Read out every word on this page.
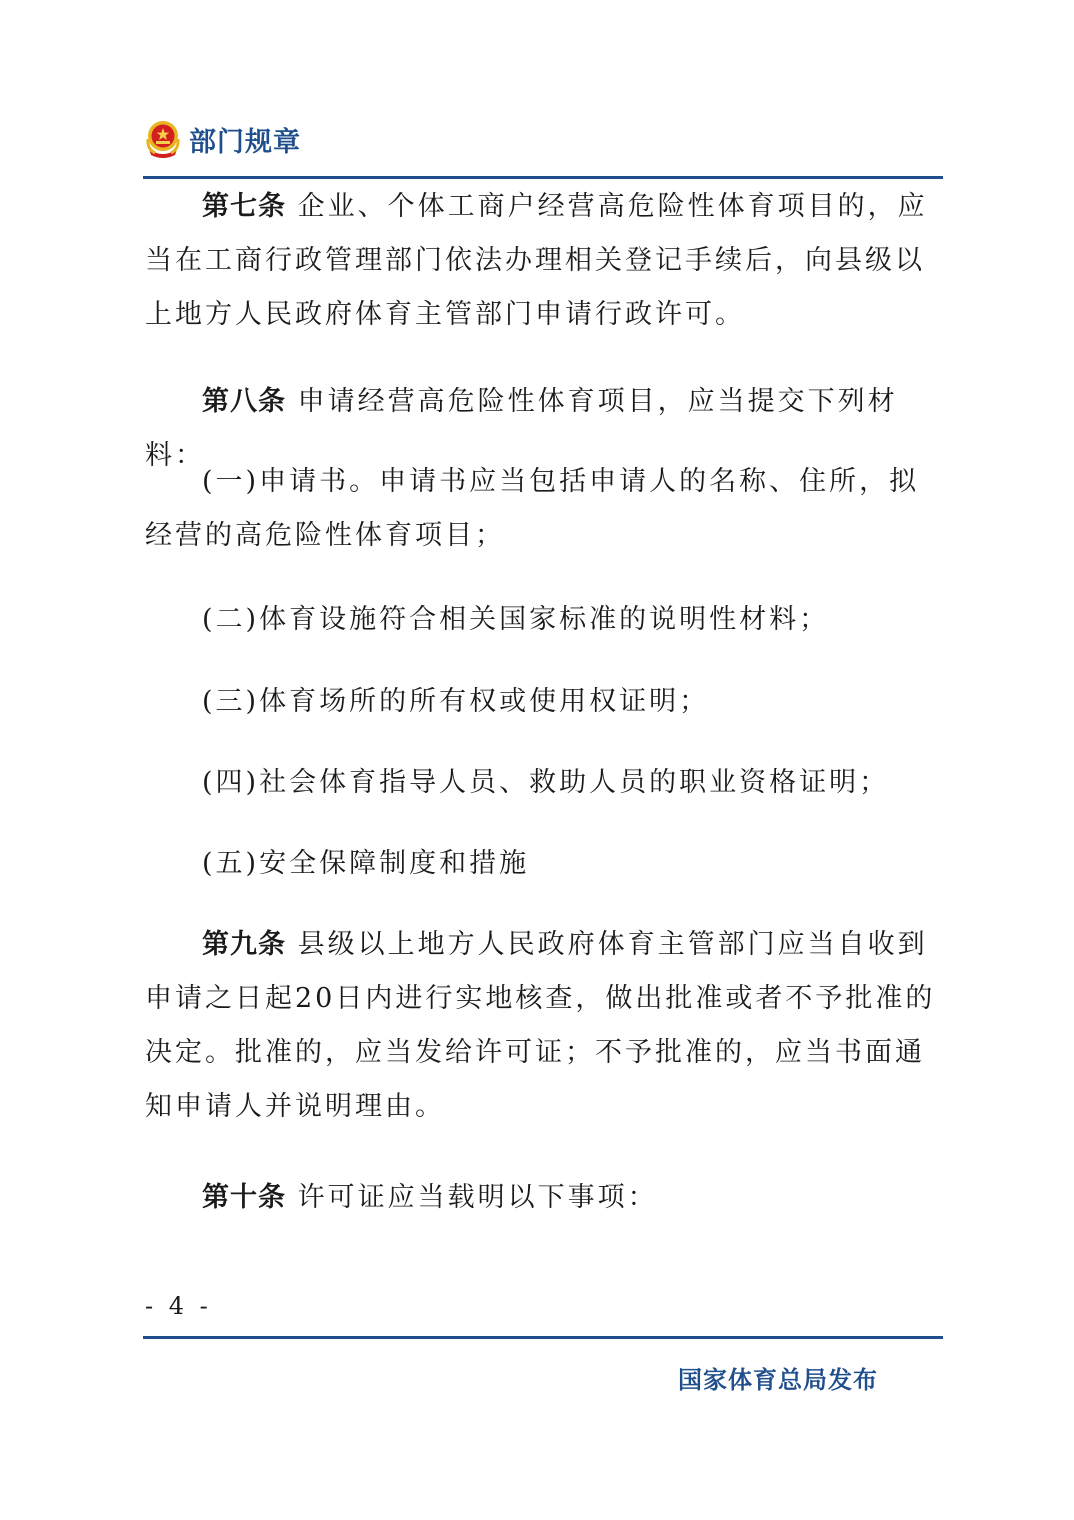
部门规章

第七条 企业、个体工商户经营高危险性体育项目的，应当在工商行政管理部门依法办理相关登记手续后，向县级以上地方人民政府体育主管部门申请行政许可。

第八条 申请经营高危险性体育项目，应当提交下列材料：

(一)申请书。申请书应当包括申请人的名称、住所，拟经营的高危险性体育项目；

(二)体育设施符合相关国家标准的说明性材料；

(三)体育场所的所有权或使用权证明；

(四)社会体育指导人员、救助人员的职业资格证明；

(五)安全保障制度和措施

第九条 县级以上地方人民政府体育主管部门应当自收到申请之日起20日内进行实地核查，做出批准或者不予批准的决定。批准的，应当发给许可证；不予批准的，应当书面通知申请人并说明理由。

第十条 许可证应当载明以下事项：

- 4 -
国家体育总局发布
